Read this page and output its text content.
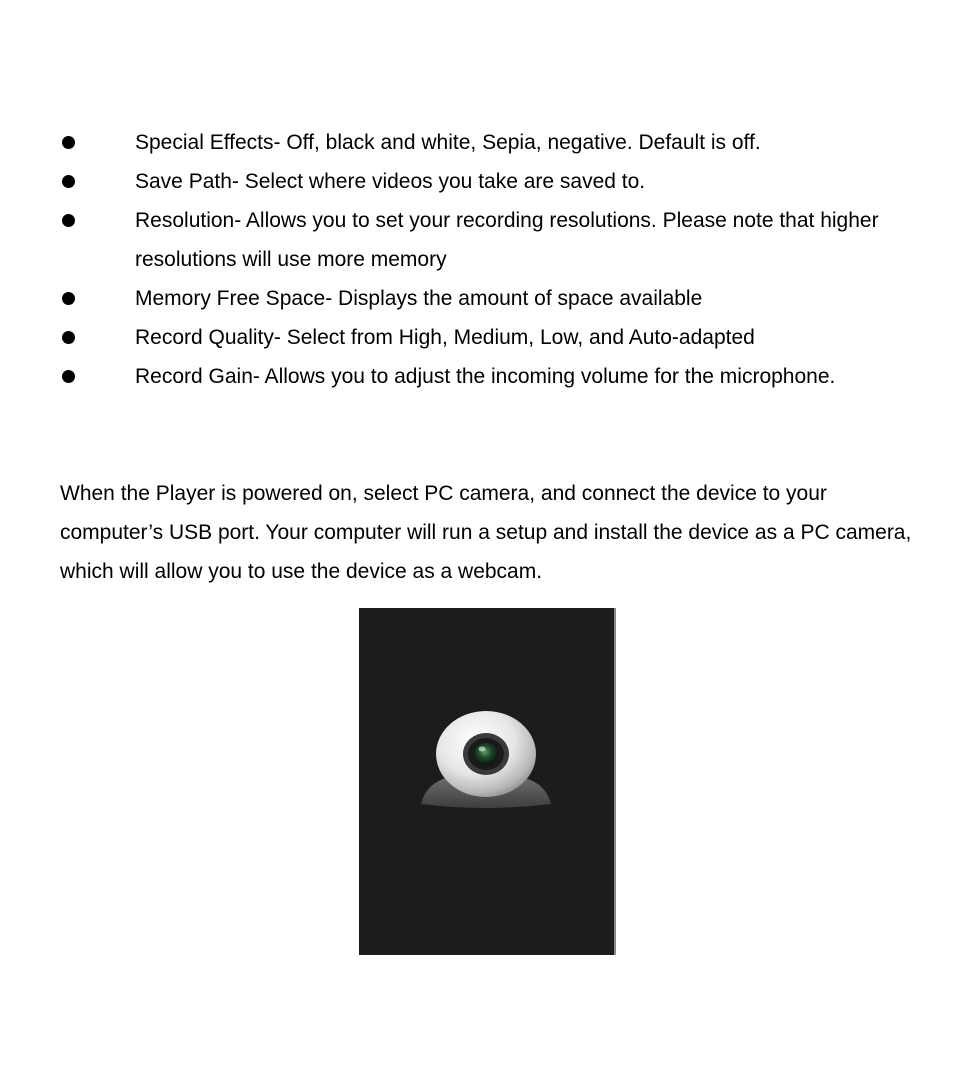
Special Effects- Off, black and white, Sepia, negative. Default is off.
Save Path- Select where videos you take are saved to.
Resolution- Allows you to set your recording resolutions. Please note that higher resolutions will use more memory
Memory Free Space- Displays the amount of space available
Record Quality- Select from High, Medium, Low, and Auto-adapted
Record Gain- Allows you to adjust the incoming volume for the microphone.

When the Player is powered on, select PC camera, and connect the device to your computer’s USB port. Your computer will run a setup and install the device as a PC camera, which will allow you to use the device as a webcam.
